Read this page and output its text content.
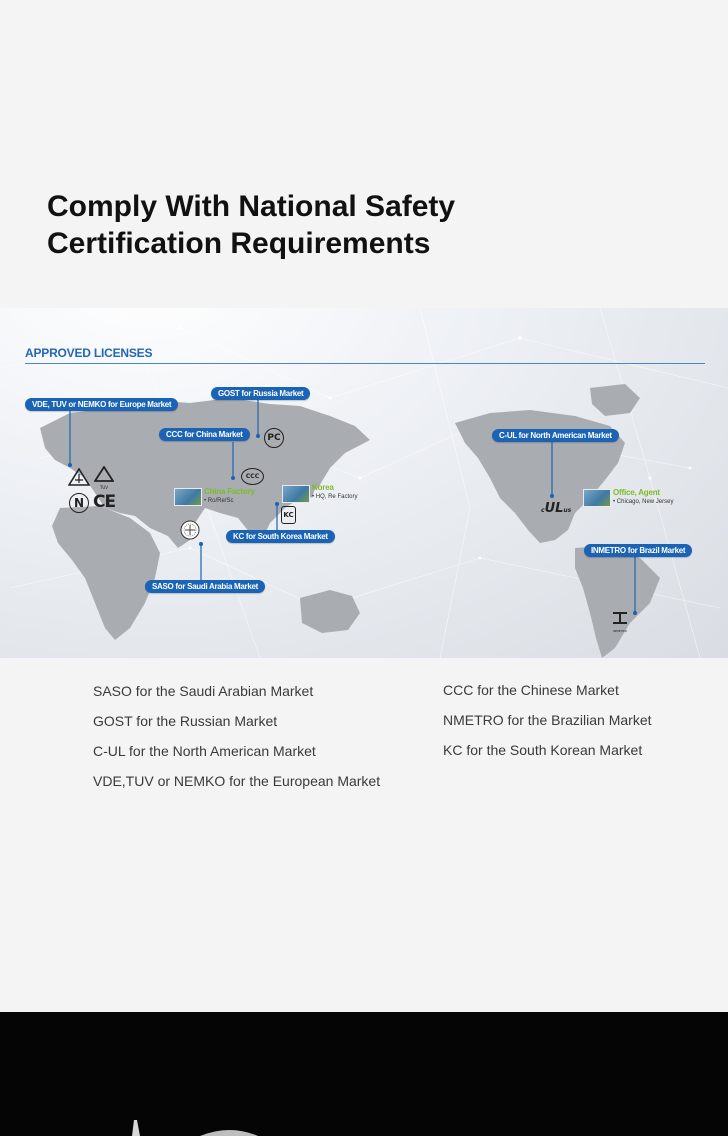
Comply With National Safety
Certification Requirements
APPROVED LICENSES
VDE, TUV or NEMKO for Europe Market
GOST for Russia Market
CCC for China Market	C-UL for North American Market
KC for South Korea Market
SASO for Saudi Arabia Market
INMETRO for Brazil Market
China Factory
• Ro/Re/Sc
Korea
• HQ, Re Factory	Office, Agent
• Chicago, New Jersey
TUV
N CE
PC
CCC
KC
cULus
INMETRO
SASO for the Saudi Arabian Market
GOST for the Russian Market
C-UL for the North American Market
VDE,TUV or NEMKO for the European Market
CCC for the Chinese Market
NMETRO for the Brazilian Market
KC for the South Korean Market
